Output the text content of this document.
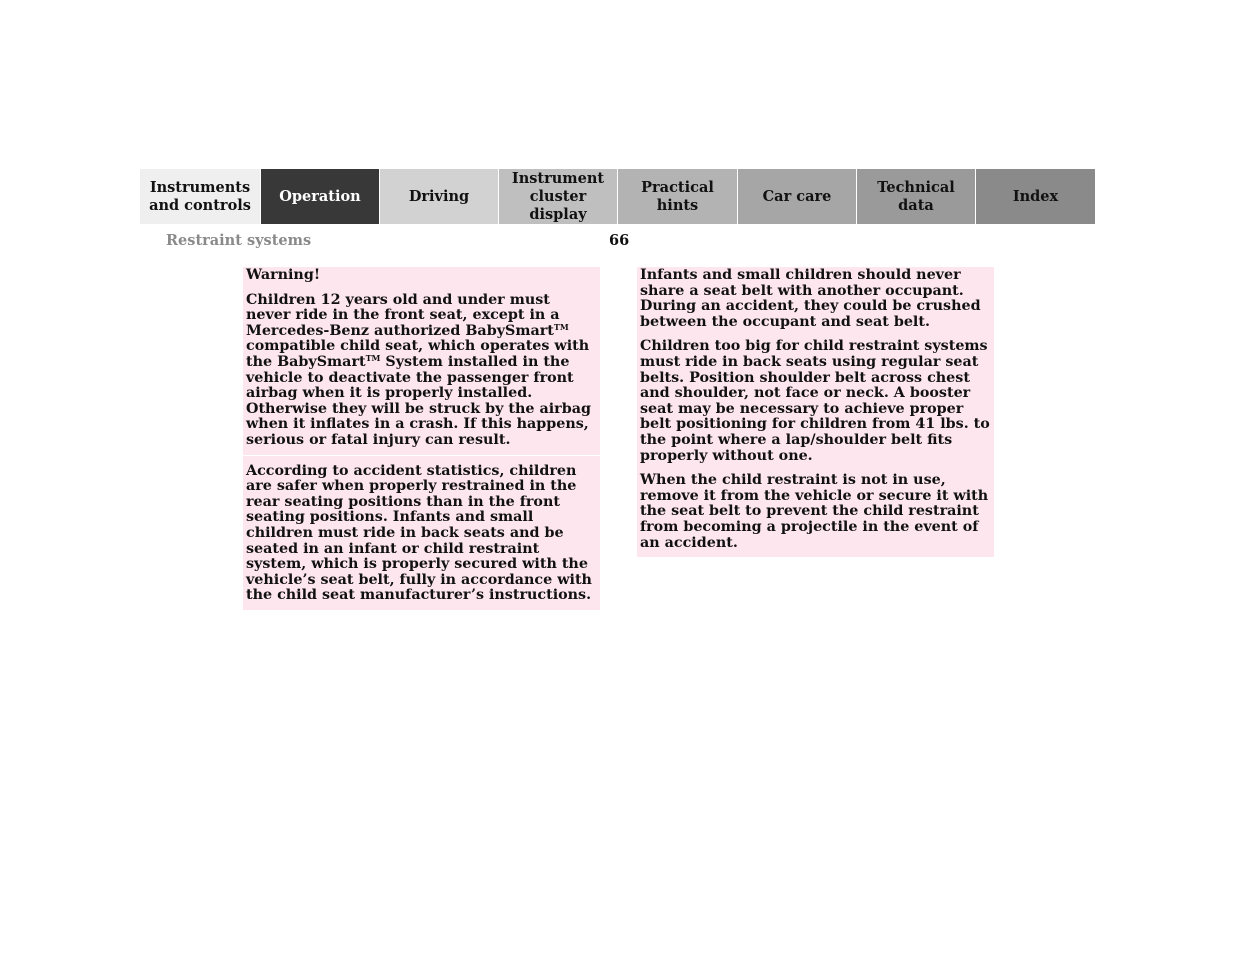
Instruments
and controls
Operation	Driving
Instrument
cluster display
Practical hints
Car care
Technical
data
Index
Restraint systems	66

Warning!

Children 12 years old and under must never ride in the front seat, except in a Mercedes-Benz authorized BabySmart™ compatible child seat, which operates with the BabySmart™ System installed in the vehicle to deactivate the passenger front airbag when it is properly installed. Otherwise they will be struck by the airbag when it inflates in a crash. If this happens, serious or fatal injury can result.

According to accident statistics, children are safer when properly restrained in the rear seating positions than in the front seating positions. Infants and small children must ride in back seats and be seated in an infant or child restraint system, which is properly secured with the vehicle’s seat belt, fully in accordance with the child seat manufacturer’s instructions.

Infants and small children should never share a seat belt with another occupant. During an accident, they could be crushed between the occupant and seat belt.

Children too big for child restraint systems must ride in back seats using regular seat belts. Position shoulder belt across chest and shoulder, not face or neck. A booster seat may be necessary to achieve proper belt positioning for children from 41 lbs. to the point where a lap/shoulder belt fits properly without one.

When the child restraint is not in use, remove it from the vehicle or secure it with the seat belt to prevent the child restraint from becoming a projectile in the event of an accident.
